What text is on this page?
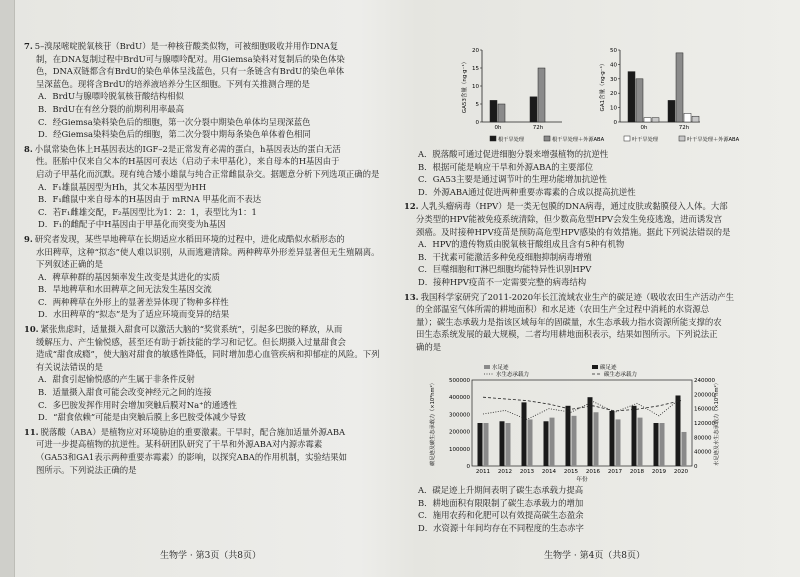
7. 5–溴尿嘧啶脱氧核苷（BrdU）是一种核苷酸类似物，可被细胞吸收并用作DNA复

制，在DNA复制过程中BrdU可与腺嘌呤配对。用Giemsa染料对复制后的染色体染

色，DNA双链都含有BrdU的染色单体呈浅蓝色，只有一条链含有BrdU的染色单体

呈深蓝色。现将含BrdU的培养液培养分生区细胞。下列有关推测合理的是

A．BrdU与腺嘌呤脱氧核苷酸结构相似

B．BrdU在有丝分裂的前期利用率最高

C．经Giemsa染料染色后的细胞，第一次分裂中期染色单体均呈现深蓝色

D．经Giemsa染料染色后的细胞，第二次分裂中期每条染色单体着色相同

8. 小鼠常染色体上H基因表达的IGF–2是正常发育必需的蛋白，h基因表达的蛋白无活

性。胚胎中仅来自父本的H基因可表达（启动子未甲基化），来自母本的H基因由于

启动子甲基化而沉默。现有纯合矮小雄鼠与纯合正常雌鼠杂交。据题意分析下列选项正确的是

A．F₁雄鼠基因型为Hh，其父本基因型为HH

B．F₁雌鼠中来自母本的H基因由于 mRNA 甲基化而不表达

C．若F₁雌雄交配，F₂基因型比为1：2：1，表型比为1：1

D．F₁的雌配子中H基因由于甲基化而突变为h基因

9. 研究者发现，某些旱地稗草在长期适应水稻田环境的过程中，进化成酷似水稻形态的

水田稗草，这种“拟态”使人难以识别，从而逃避清除。两种稗草外形差异显著但无生殖隔离。下列叙述正确的是

A．稗草种群的基因频率发生改变是其进化的实质

B．旱地稗草和水田稗草之间无法发生基因交流

C．两种稗草在外形上的显著差异体现了物种多样性

D．水田稗草的“拟态”是为了适应环境而变异的结果

10. 紧张焦虑时，适量摄入甜食可以激活大脑的“奖赏系统”，引起多巴胺的释放，从而

缓解压力、产生愉悦感，甚至还有助于新技能的学习和记忆。但长期摄入过量甜食会

造成“甜食成瘾”，使大脑对甜食的敏感性降低，同时增加患心血管疾病和抑郁症的风险。下列有关说法错误的是

A．甜食引起愉悦感的产生属于非条件反射

B．适量摄入甜食可能会改变神经元之间的连接

C．多巴胺发挥作用时会增加突触后膜对Na⁺的通透性

D．“甜食依赖”可能是由突触后膜上多巴胺受体减少导致

11. 脱落酸（ABA）是植物应对环境胁迫的重要激素。干旱时，配合施加适量外源ABA

可进一步提高植物的抗逆性。某科研团队研究了干旱和外源ABA对内源赤霉素

（GA53和GA1表示两种重要赤霉素）的影响，以探究ABA的作用机制，实验结果如

图所示。下列说法正确的是

0
5
10
15
20
GA53含量（ng·g⁻¹）
0h	72h
0
10
20
30
40
50
GA1含量（ng·g⁻¹）
0h	72h
根干旱处理	根干旱处理＋外源ABA	叶干旱处理	叶干旱处理＋外源ABA

A．脱落酸可通过促进细胞分裂来增强植物的抗逆性

B．根据可能是响应干旱和外源ABA的主要部位

C．GA53主要是通过调节叶的生理功能增加抗逆性

D．外源ABA通过促进两种重要赤霉素的合成以提高抗逆性

12. 人乳头瘤病毒（HPV）是一类无包膜的DNA病毒，通过皮肤或黏膜侵入人体。大部

分类型的HPV能被免疫系统清除，但少数高危型HPV会发生免疫逃逸，进而诱发宫

颈癌。及时接种HPV疫苗是预防高危型HPV感染的有效措施。据此下列说法错误的是

A．HPV的遗传物质由脱氧核苷酸组成且含有5种有机物

B．干扰素可能激活多种免疫细胞抑制病毒增殖

C．巨噬细胞和T淋巴细胞均能特异性识别HPV

D．接种HPV疫苗不一定需要完整的病毒结构

13. 我国科学家研究了2011-2020年长江流域农业生产的碳足迹（吸收农田生产活动产生

的全部温室气体所需的耕地面积）和水足迹（农田生产全过程中消耗的水资源总

量）；碳生态承载力是指该区域每年的固碳量，水生态承载力指水资源所能支撑的农

田生态系统发展的最大规模，二者均用耕地面积表示，结果如图所示。下列说法正

确的是

0
100000
200000
300000
400000
500000
0
40000
80000
120000
160000
200000
240000
碳足迹及碳生态承载力（×10³hm²）	水足迹及水生态承载力（×10³hm²）
2011 2012 2013 2014 2015 2016 2017 2018 2019 2020
年份
水足迹
水生态承载力
碳足迹
碳生态承载力

A．碳足迹上升期间表明了碳生态承载力提高

B．耕地面积有限限制了碳生态承载力的增加

C．施用农药和化肥可以有效提高碳生态盈余

D．水资源十年间均存在不同程度的生态赤字

生物学 · 第3页（共8页）	生物学 · 第4页（共8页）
